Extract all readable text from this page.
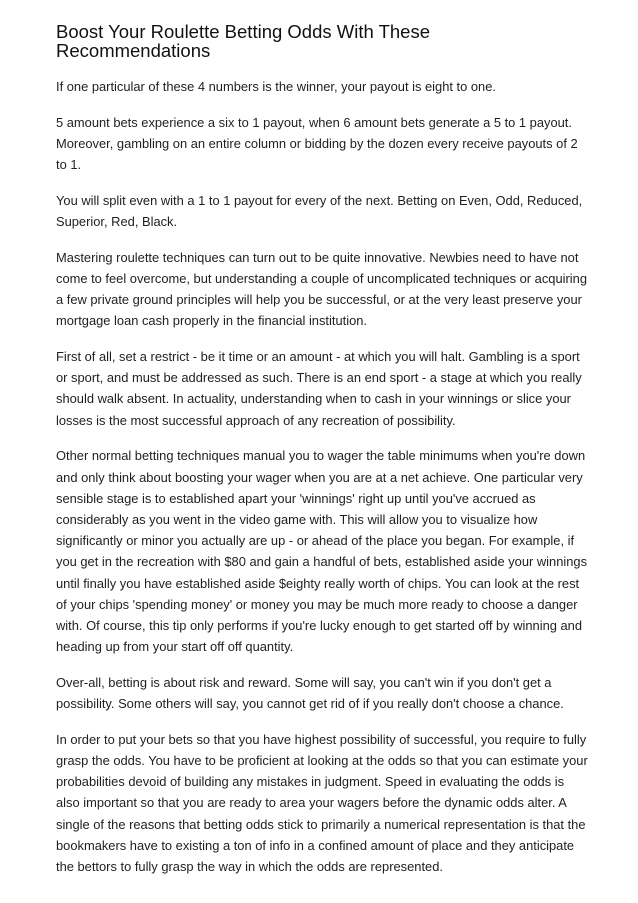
Boost Your Roulette Betting Odds With These Recommendations

If one particular of these 4 numbers is the winner, your payout is eight to one.

5 amount bets experience a six to 1 payout, when 6 amount bets generate a 5 to 1 payout. Moreover, gambling on an entire column or bidding by the dozen every receive payouts of 2 to 1.

You will split even with a 1 to 1 payout for every of the next. Betting on Even, Odd, Reduced, Superior, Red, Black.

Mastering roulette techniques can turn out to be quite innovative. Newbies need to have not come to feel overcome, but understanding a couple of uncomplicated techniques or acquiring a few private ground principles will help you be successful, or at the very least preserve your mortgage loan cash properly in the financial institution.

First of all, set a restrict - be it time or an amount - at which you will halt. Gambling is a sport or sport, and must be addressed as such. There is an end sport - a stage at which you really should walk absent. In actuality, understanding when to cash in your winnings or slice your losses is the most successful approach of any recreation of possibility.

Other normal betting techniques manual you to wager the table minimums when you're down and only think about boosting your wager when you are at a net achieve. One particular very sensible stage is to established apart your 'winnings' right up until you've accrued as considerably as you went in the video game with. This will allow you to visualize how significantly or minor you actually are up - or ahead of the place you began. For example, if you get in the recreation with $80 and gain a handful of bets, established aside your winnings until finally you have established aside $eighty really worth of chips. You can look at the rest of your chips 'spending money' or money you may be much more ready to choose a danger with. Of course, this tip only performs if you're lucky enough to get started off by winning and heading up from your start off off quantity.

Over-all, betting is about risk and reward. Some will say, you can't win if you don't get a possibility. Some others will say, you cannot get rid of if you really don't choose a chance.

In order to put your bets so that you have highest possibility of successful, you require to fully grasp the odds. You have to be proficient at looking at the odds so that you can estimate your probabilities devoid of building any mistakes in judgment. Speed in evaluating the odds is also important so that you are ready to area your wagers before the dynamic odds alter. A single of the reasons that betting odds stick to primarily a numerical representation is that the bookmakers have to existing a ton of info in a confined amount of place and they anticipate the bettors to fully grasp the way in which the odds are represented.
